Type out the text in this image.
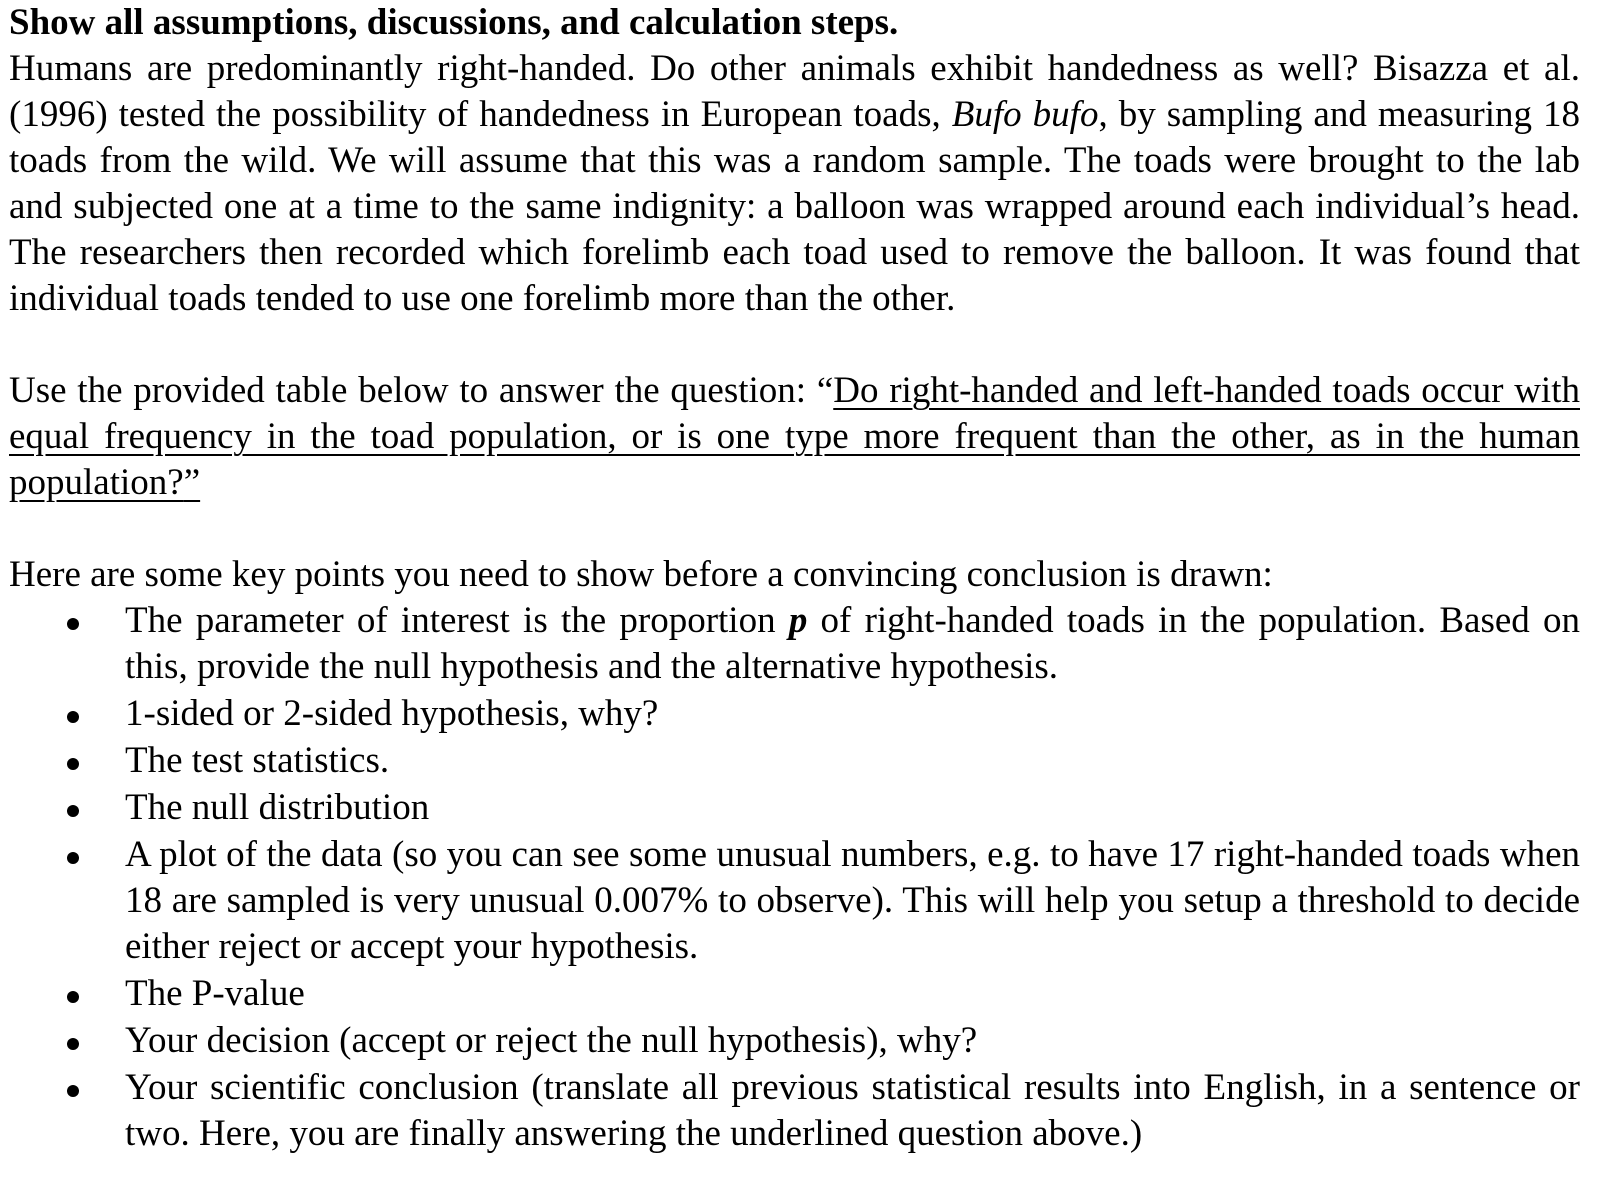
Show all assumptions, discussions, and calculation steps.

Humans are predominantly right-handed. Do other animals exhibit handedness as well? Bisazza et al. (1996) tested the possibility of handedness in European toads, Bufo bufo, by sampling and measuring 18 toads from the wild. We will assume that this was a random sample. The toads were brought to the lab and subjected one at a time to the same indignity: a balloon was wrapped around each individual’s head. The researchers then recorded which forelimb each toad used to remove the balloon. It was found that individual toads tended to use one forelimb more than the other.

Use the provided table below to answer the question: “Do right-handed and left-handed toads occur with equal frequency in the toad population, or is one type more frequent than the other, as in the human population?”

Here are some key points you need to show before a convincing conclusion is drawn:

The parameter of interest is the proportion p of right-handed toads in the population. Based on this, provide the null hypothesis and the alternative hypothesis.
1-sided or 2-sided hypothesis, why?
The test statistics.
The null distribution
A plot of the data (so you can see some unusual numbers, e.g. to have 17 right-handed toads when 18 are sampled is very unusual 0.007% to observe). This will help you setup a threshold to decide either reject or accept your hypothesis.
The P-value
Your decision (accept or reject the null hypothesis), why?
Your scientific conclusion (translate all previous statistical results into English, in a sentence or two. Here, you are finally answering the underlined question above.)
